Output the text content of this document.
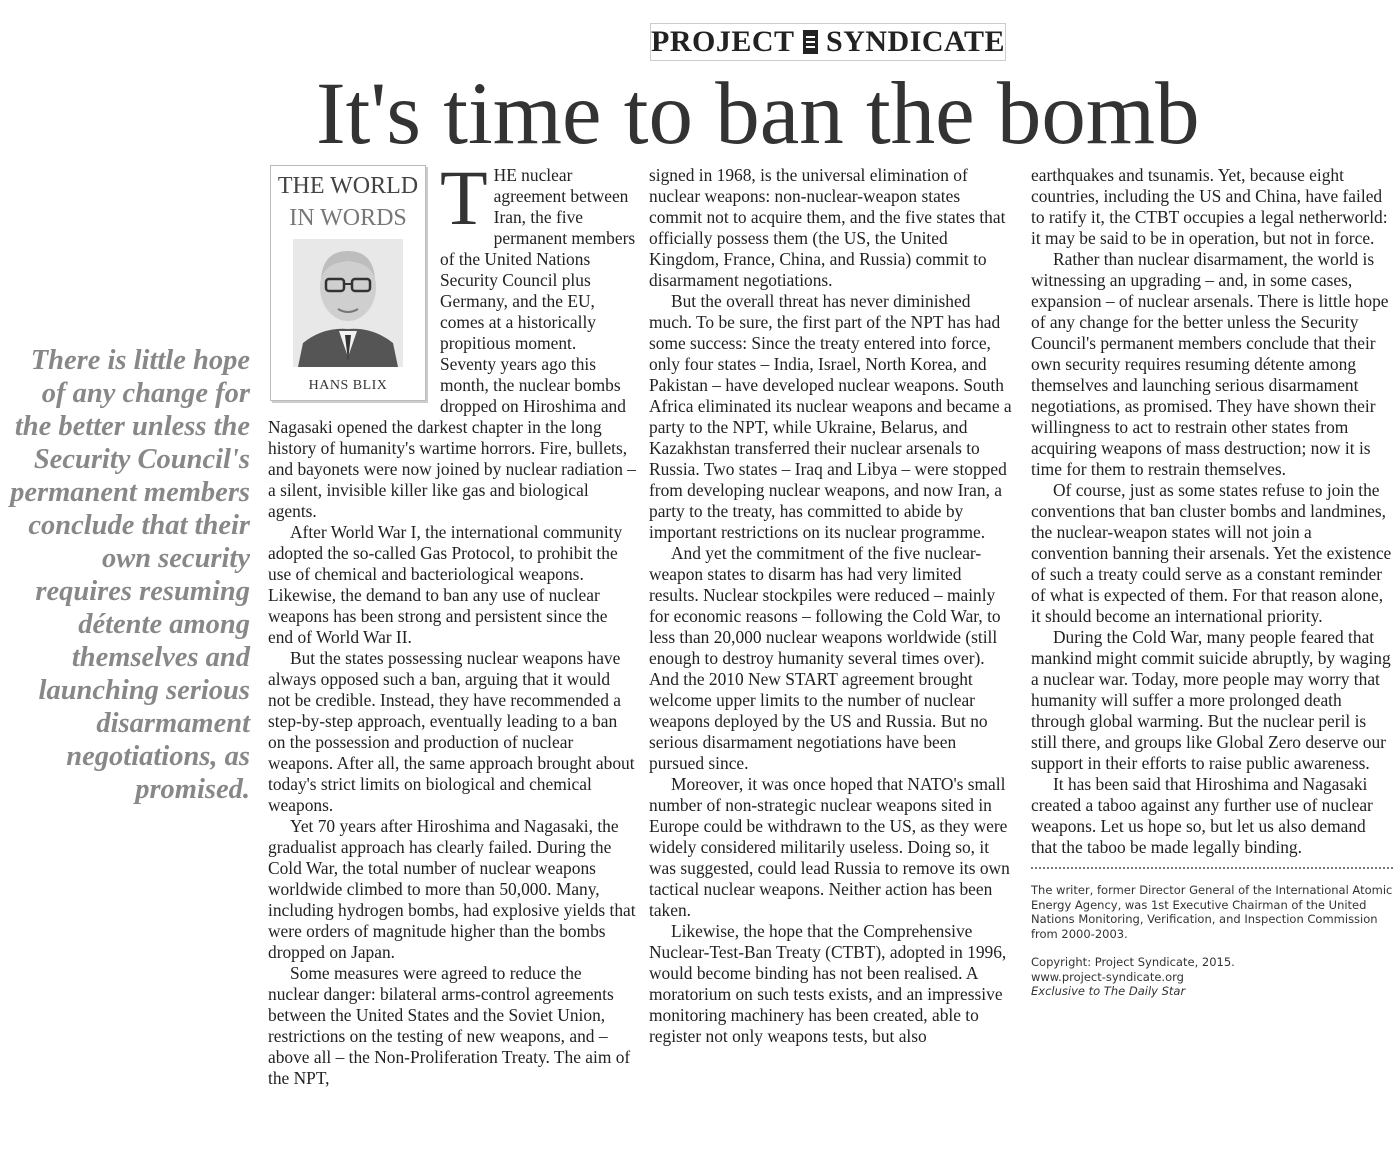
PROJECT SYNDICATE
It's time to ban the bomb
There is little hope of any change for the better unless the Security Council's permanent members conclude that their own security requires resuming détente among themselves and launching serious disarmament negotiations, as promised.
THE WORLD
IN WORDS
HANS BLIX
T HE nuclear agreement between Iran, the five permanent members of the United Nations Security Council plus Germany, and the EU, comes at a historically propitious moment. Seventy years ago this month, the nuclear bombs dropped on Hiroshima and Nagasaki opened the darkest chapter in the long history of humanity's wartime horrors. Fire, bullets, and bayonets were now joined by nuclear radiation – a silent, invisible killer like gas and biological agents.

After World War I, the international community adopted the so-called Gas Protocol, to prohibit the use of chemical and bacteriological weapons. Likewise, the demand to ban any use of nuclear weapons has been strong and persistent since the end of World War II.

But the states possessing nuclear weapons have always opposed such a ban, arguing that it would not be credible. Instead, they have recommended a step-by-step approach, eventually leading to a ban on the possession and production of nuclear weapons. After all, the same approach brought about today's strict limits on biological and chemical weapons.

Yet 70 years after Hiroshima and Nagasaki, the gradualist approach has clearly failed. During the Cold War, the total number of nuclear weapons worldwide climbed to more than 50,000. Many, including hydrogen bombs, had explosive yields that were orders of magnitude higher than the bombs dropped on Japan.

Some measures were agreed to reduce the nuclear danger: bilateral arms-control agreements between the United States and the Soviet Union, restrictions on the testing of new weapons, and – above all – the Non-Proliferation Treaty. The aim of the NPT,

signed in 1968, is the universal elimination of nuclear weapons: non-nuclear-weapon states commit not to acquire them, and the five states that officially possess them (the US, the United Kingdom, France, China, and Russia) commit to disarmament negotiations.

But the overall threat has never diminished much. To be sure, the first part of the NPT has had some success: Since the treaty entered into force, only four states – India, Israel, North Korea, and Pakistan – have developed nuclear weapons. South Africa eliminated its nuclear weapons and became a party to the NPT, while Ukraine, Belarus, and Kazakhstan transferred their nuclear arsenals to Russia. Two states – Iraq and Libya – were stopped from developing nuclear weapons, and now Iran, a party to the treaty, has committed to abide by important restrictions on its nuclear programme.

And yet the commitment of the five nuclear-weapon states to disarm has had very limited results. Nuclear stockpiles were reduced – mainly for economic reasons – following the Cold War, to less than 20,000 nuclear weapons worldwide (still enough to destroy humanity several times over). And the 2010 New START agreement brought welcome upper limits to the number of nuclear weapons deployed by the US and Russia. But no serious disarmament negotiations have been pursued since.

Moreover, it was once hoped that NATO's small number of non-strategic nuclear weapons sited in Europe could be withdrawn to the US, as they were widely considered militarily useless. Doing so, it was suggested, could lead Russia to remove its own tactical nuclear weapons. Neither action has been taken.

Likewise, the hope that the Comprehensive Nuclear-Test-Ban Treaty (CTBT), adopted in 1996, would become binding has not been realised. A moratorium on such tests exists, and an impressive monitoring machinery has been created, able to register not only weapons tests, but also

earthquakes and tsunamis. Yet, because eight countries, including the US and China, have failed to ratify it, the CTBT occupies a legal netherworld: it may be said to be in operation, but not in force.

Rather than nuclear disarmament, the world is witnessing an upgrading – and, in some cases, expansion – of nuclear arsenals. There is little hope of any change for the better unless the Security Council's permanent members conclude that their own security requires resuming détente among themselves and launching serious disarmament negotiations, as promised. They have shown their willingness to act to restrain other states from acquiring weapons of mass destruction; now it is time for them to restrain themselves.

Of course, just as some states refuse to join the conventions that ban cluster bombs and landmines, the nuclear-weapon states will not join a convention banning their arsenals. Yet the existence of such a treaty could serve as a constant reminder of what is expected of them. For that reason alone, it should become an international priority.

During the Cold War, many people feared that mankind might commit suicide abruptly, by waging a nuclear war. Today, more people may worry that humanity will suffer a more prolonged death through global warming. But the nuclear peril is still there, and groups like Global Zero deserve our support in their efforts to raise public awareness.

It has been said that Hiroshima and Nagasaki created a taboo against any further use of nuclear weapons. Let us hope so, but let us also demand that the taboo be made legally binding.

The writer, former Director General of the International Atomic Energy Agency, was 1st Executive Chairman of the United Nations Monitoring, Verification, and Inspection Commission from 2000-2003.
Copyright: Project Syndicate, 2015.
www.project-syndicate.org
Exclusive to The Daily Star
